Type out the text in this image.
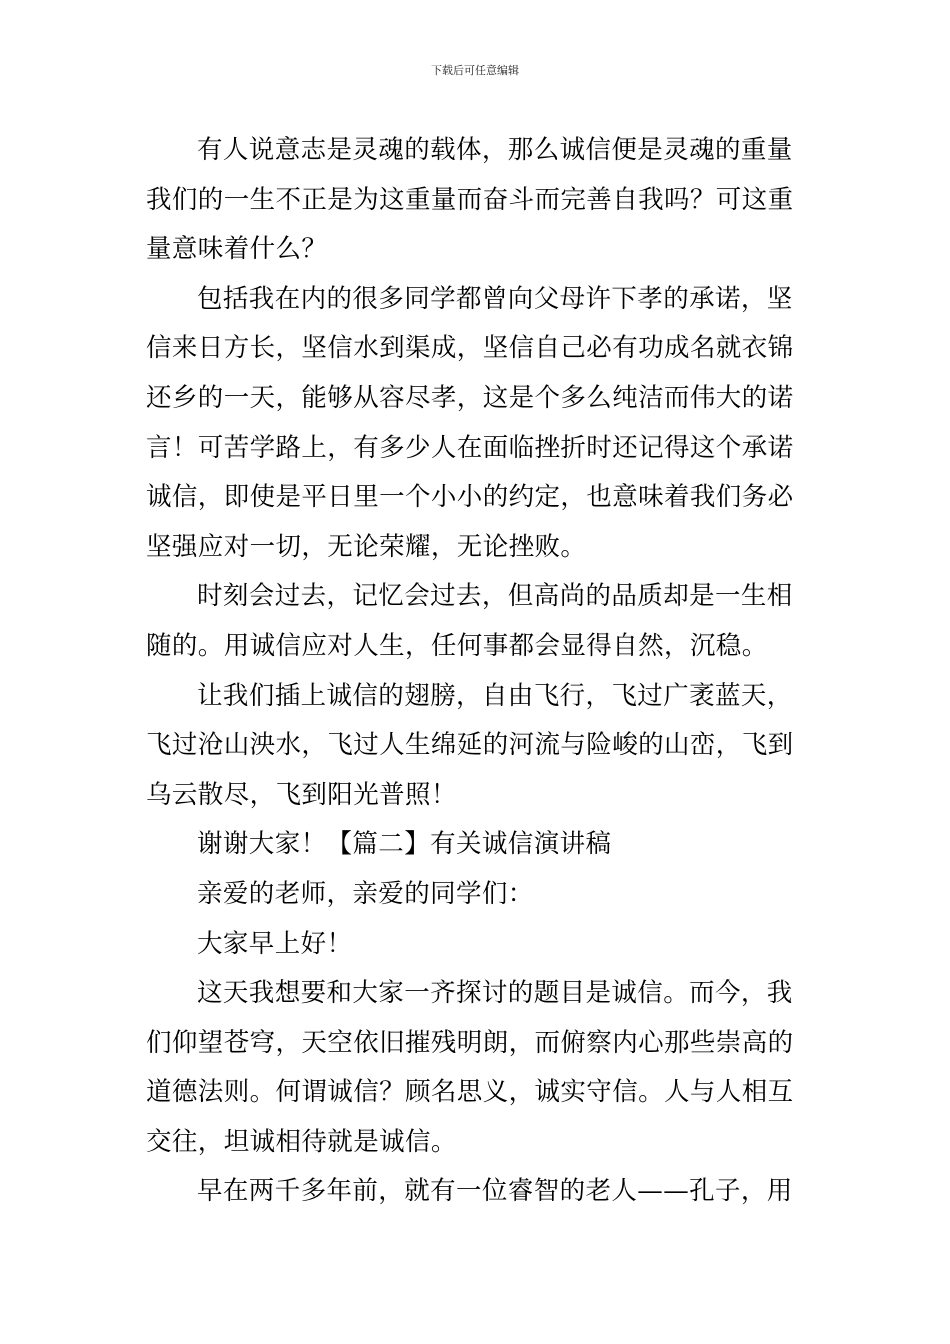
下载后可任意编辑

有人说意志是灵魂的载体，那么诚信便是灵魂的重量
我们的一生不正是为这重量而奋斗而完善自我吗？可这重
量意味着什么？

包括我在内的很多同学都曾向父母许下孝的承诺，坚
信来日方长，坚信水到渠成，坚信自己必有功成名就衣锦
还乡的一天，能够从容尽孝，这是个多么纯洁而伟大的诺
言！可苦学路上，有多少人在面临挫折时还记得这个承诺
诚信，即使是平日里一个小小的约定，也意味着我们务必
坚强应对一切，无论荣耀，无论挫败。

时刻会过去，记忆会过去，但高尚的品质却是一生相
随的。用诚信应对人生，任何事都会显得自然，沉稳。

让我们插上诚信的翅膀，自由飞行，飞过广袤蓝天，
飞过沧山泱水，飞过人生绵延的河流与险峻的山峦，飞到
乌云散尽，飞到阳光普照！

谢谢大家！【篇二】有关诚信演讲稿

亲爱的老师，亲爱的同学们：

大家早上好！

这天我想要和大家一齐探讨的题目是诚信。而今，我
们仰望苍穹，天空依旧摧残明朗，而俯察内心那些崇高的
道德法则。何谓诚信？顾名思义，诚实守信。人与人相互
交往，坦诚相待就是诚信。

早在两千多年前，就有一位睿智的老人——孔子，用
